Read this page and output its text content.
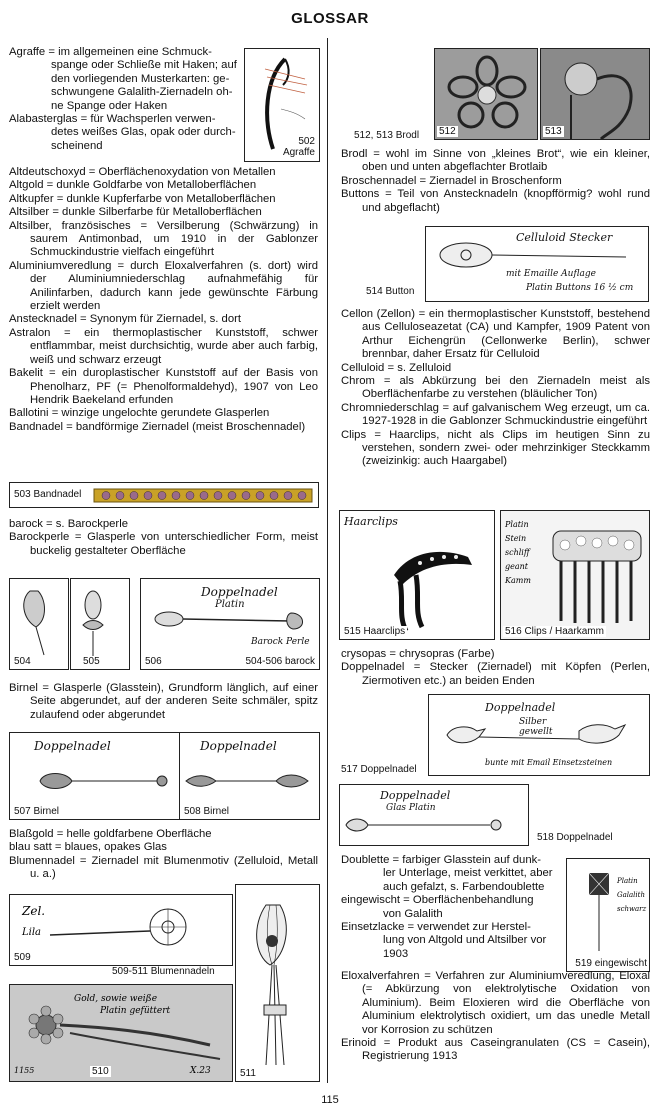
GLOSSAR
Agraffe = im allgemeinen eine Schmuck-
spange oder Schließe mit Haken; auf
den vorliegenden Musterkarten: ge-
schwungene Galalith-Ziernadeln oh-
ne Spange oder Haken
Alabasterglas = für Wachsperlen verwen-
detes weißes Glas, opak oder durch-
scheinend	502
Agraffe

Altdeutschoxyd = Oberflächenoxydation von Metallen

Altgold = dunkle Goldfarbe von Metalloberflächen

Altkupfer = dunkle Kupferfarbe von Metalloberflächen

Altsilber = dunkle Silberfarbe für Metalloberflächen

Altsilber, französisches = Versilberung (Schwärzung) in saurem Antimonbad, um 1910 in der Gablonzer Schmuckindustrie vielfach eingeführt

Aluminiumveredlung = durch Eloxalverfahren (s. dort) wird der Aluminiumniederschlag aufnahmefähig für Anilinfarben, dadurch kann jede gewünschte Färbung erzielt werden

Anstecknadel = Synonym für Ziernadel, s. dort

Astralon = ein thermoplastischer Kunststoff, schwer entflammbar, meist durchsichtig, wurde aber auch farbig, weiß und schwarz erzeugt

Bakelit = ein duroplastischer Kunststoff auf der Basis von Phenolharz, PF (= Phenolformaldehyd), 1907 von Leo Hendrik Baekeland erfunden

Ballotini = winzige ungelochte gerundete Glasperlen

Bandnadel = bandförmige Ziernadel (meist Broschennadel)

503 Bandnadel

barock = s. Barockperle

Barockperle = Glasperle von unterschiedlicher Form, meist buckelig gestalteter Oberfläche

504	505
Doppelnadel
Platin
Barock Perle
506	504-506 barock

Birnel = Glasperle (Glasstein), Grundform länglich, auf einer Seite abgerundet, auf der anderen Seite schmäler, spitz zulaufend oder abgerundet

Doppelnadel
507 Birnel
Doppelnadel
508 Birnel

Blaßgold = helle goldfarbene Oberfläche

blau satt = blaues, opakes Glas

Blumennadel = Ziernadel mit Blumenmotiv (Zelluloid, Metall u. a.)

Zel.
Lila
509
509-511 Blumennadeln
Gold, sowie weiße
Platin gefüttert
X.23
1155	510	511
512	513
512, 513 Brodl

Brodl = wohl im Sinne von „kleines Brot“, wie ein kleiner, oben und unten abgeflachter Brotlaib

Broschennadel = Ziernadel in Broschenform

Buttons = Teil von Anstecknadeln (knopfförmig? wohl rund und abgeflacht)

Celluloid Stecker
mit Emaille Auflage
Platin Buttons 16 ½ cm
514 Button

Cellon (Zellon) = ein thermoplastischer Kunststoff, bestehend aus Celluloseazetat (CA) und Kampfer, 1909 Patent von Arthur Eichengrün (Cellonwerke Berlin), schwer brennbar, daher Ersatz für Celluloid

Celluloid = s. Zelluloid

Chrom = als Abkürzung bei den Ziernadeln meist als Oberflächenfarbe zu verstehen (bläulicher Ton)

Chromniederschlag = auf galvanischem Weg erzeugt, um ca. 1927-1928 in die Gablonzer Schmuckindustrie eingeführt

Clips = Haarclips, nicht als Clips im heutigen Sinn zu verstehen, sondern zwei- oder mehrzinkiger Steckkamm (zweizinkig: auch Haargabel)

Haarclips
515 Haarclips
Platin
Stein
schliff
geant
Kamm
516 Clips / Haarkamm

crysopas = chrysopras (Farbe)

Doppelnadel = Stecker (Ziernadel) mit Köpfen (Perlen, Ziermotiven etc.) an beiden Enden

Doppelnadel
Silber gewellt
bunte mit Email Einsetzsteinen
517 Doppelnadel
Doppelnadel
Glas Platin
518 Doppelnadel
Doublette = farbiger Glasstein auf dunk-
ler Unterlage, meist verkittet, aber
auch gefalzt, s. Farbendoublette
eingewischt = Oberflächenbehandlung
von Galalith
Einsetzlacke = verwendet zur Herstel-
lung von Altgold und Altsilber vor
1903
Platin
Galalith
schwarz
519 eingewischt

Eloxalverfahren = Verfahren zur Aluminiumveredlung, Eloxal (= Abkürzung von elektrolytische Oxidation von Aluminium). Beim Eloxieren wird die Oberfläche von Aluminium elektrolytisch oxidiert, um das unedle Metall vor Korrosion zu schützen

Erinoid = Produkt aus Caseingranulaten (CS = Casein), Registrierung 1913

115
